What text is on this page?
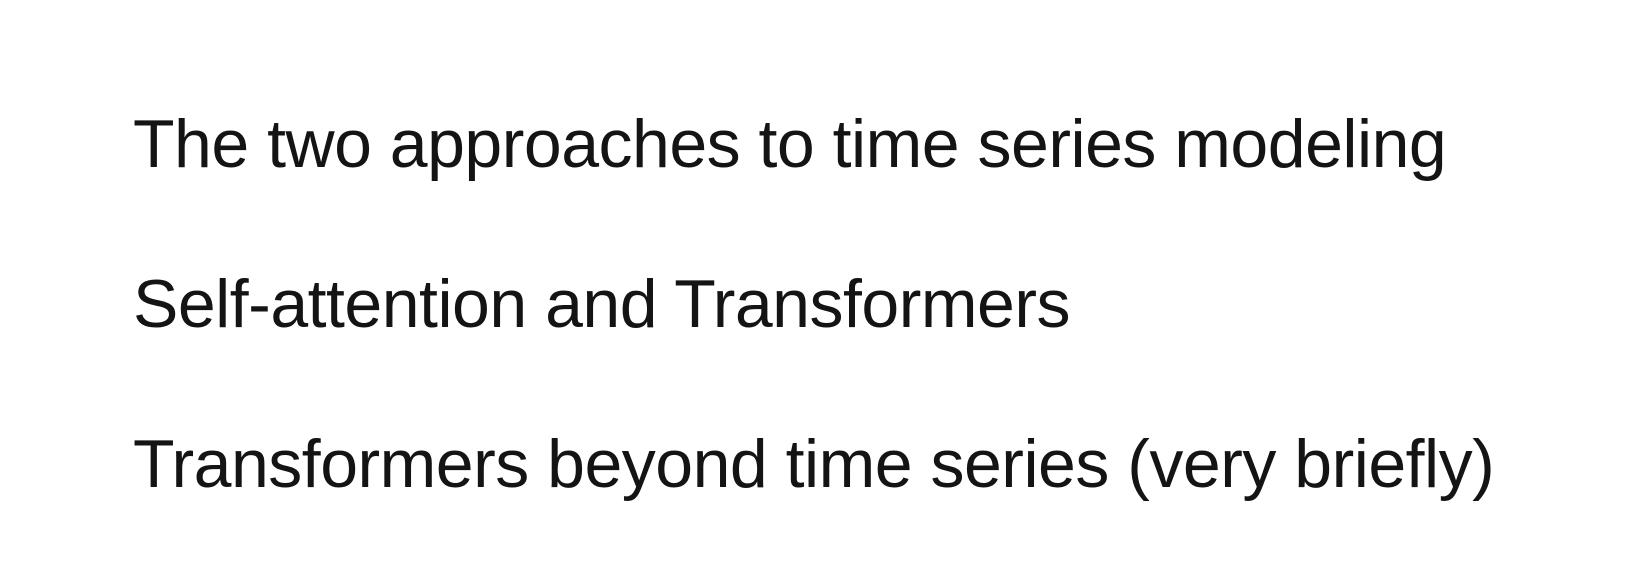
The two approaches to time series modeling

Self-attention and Transformers

Transformers beyond time series (very briefly)
